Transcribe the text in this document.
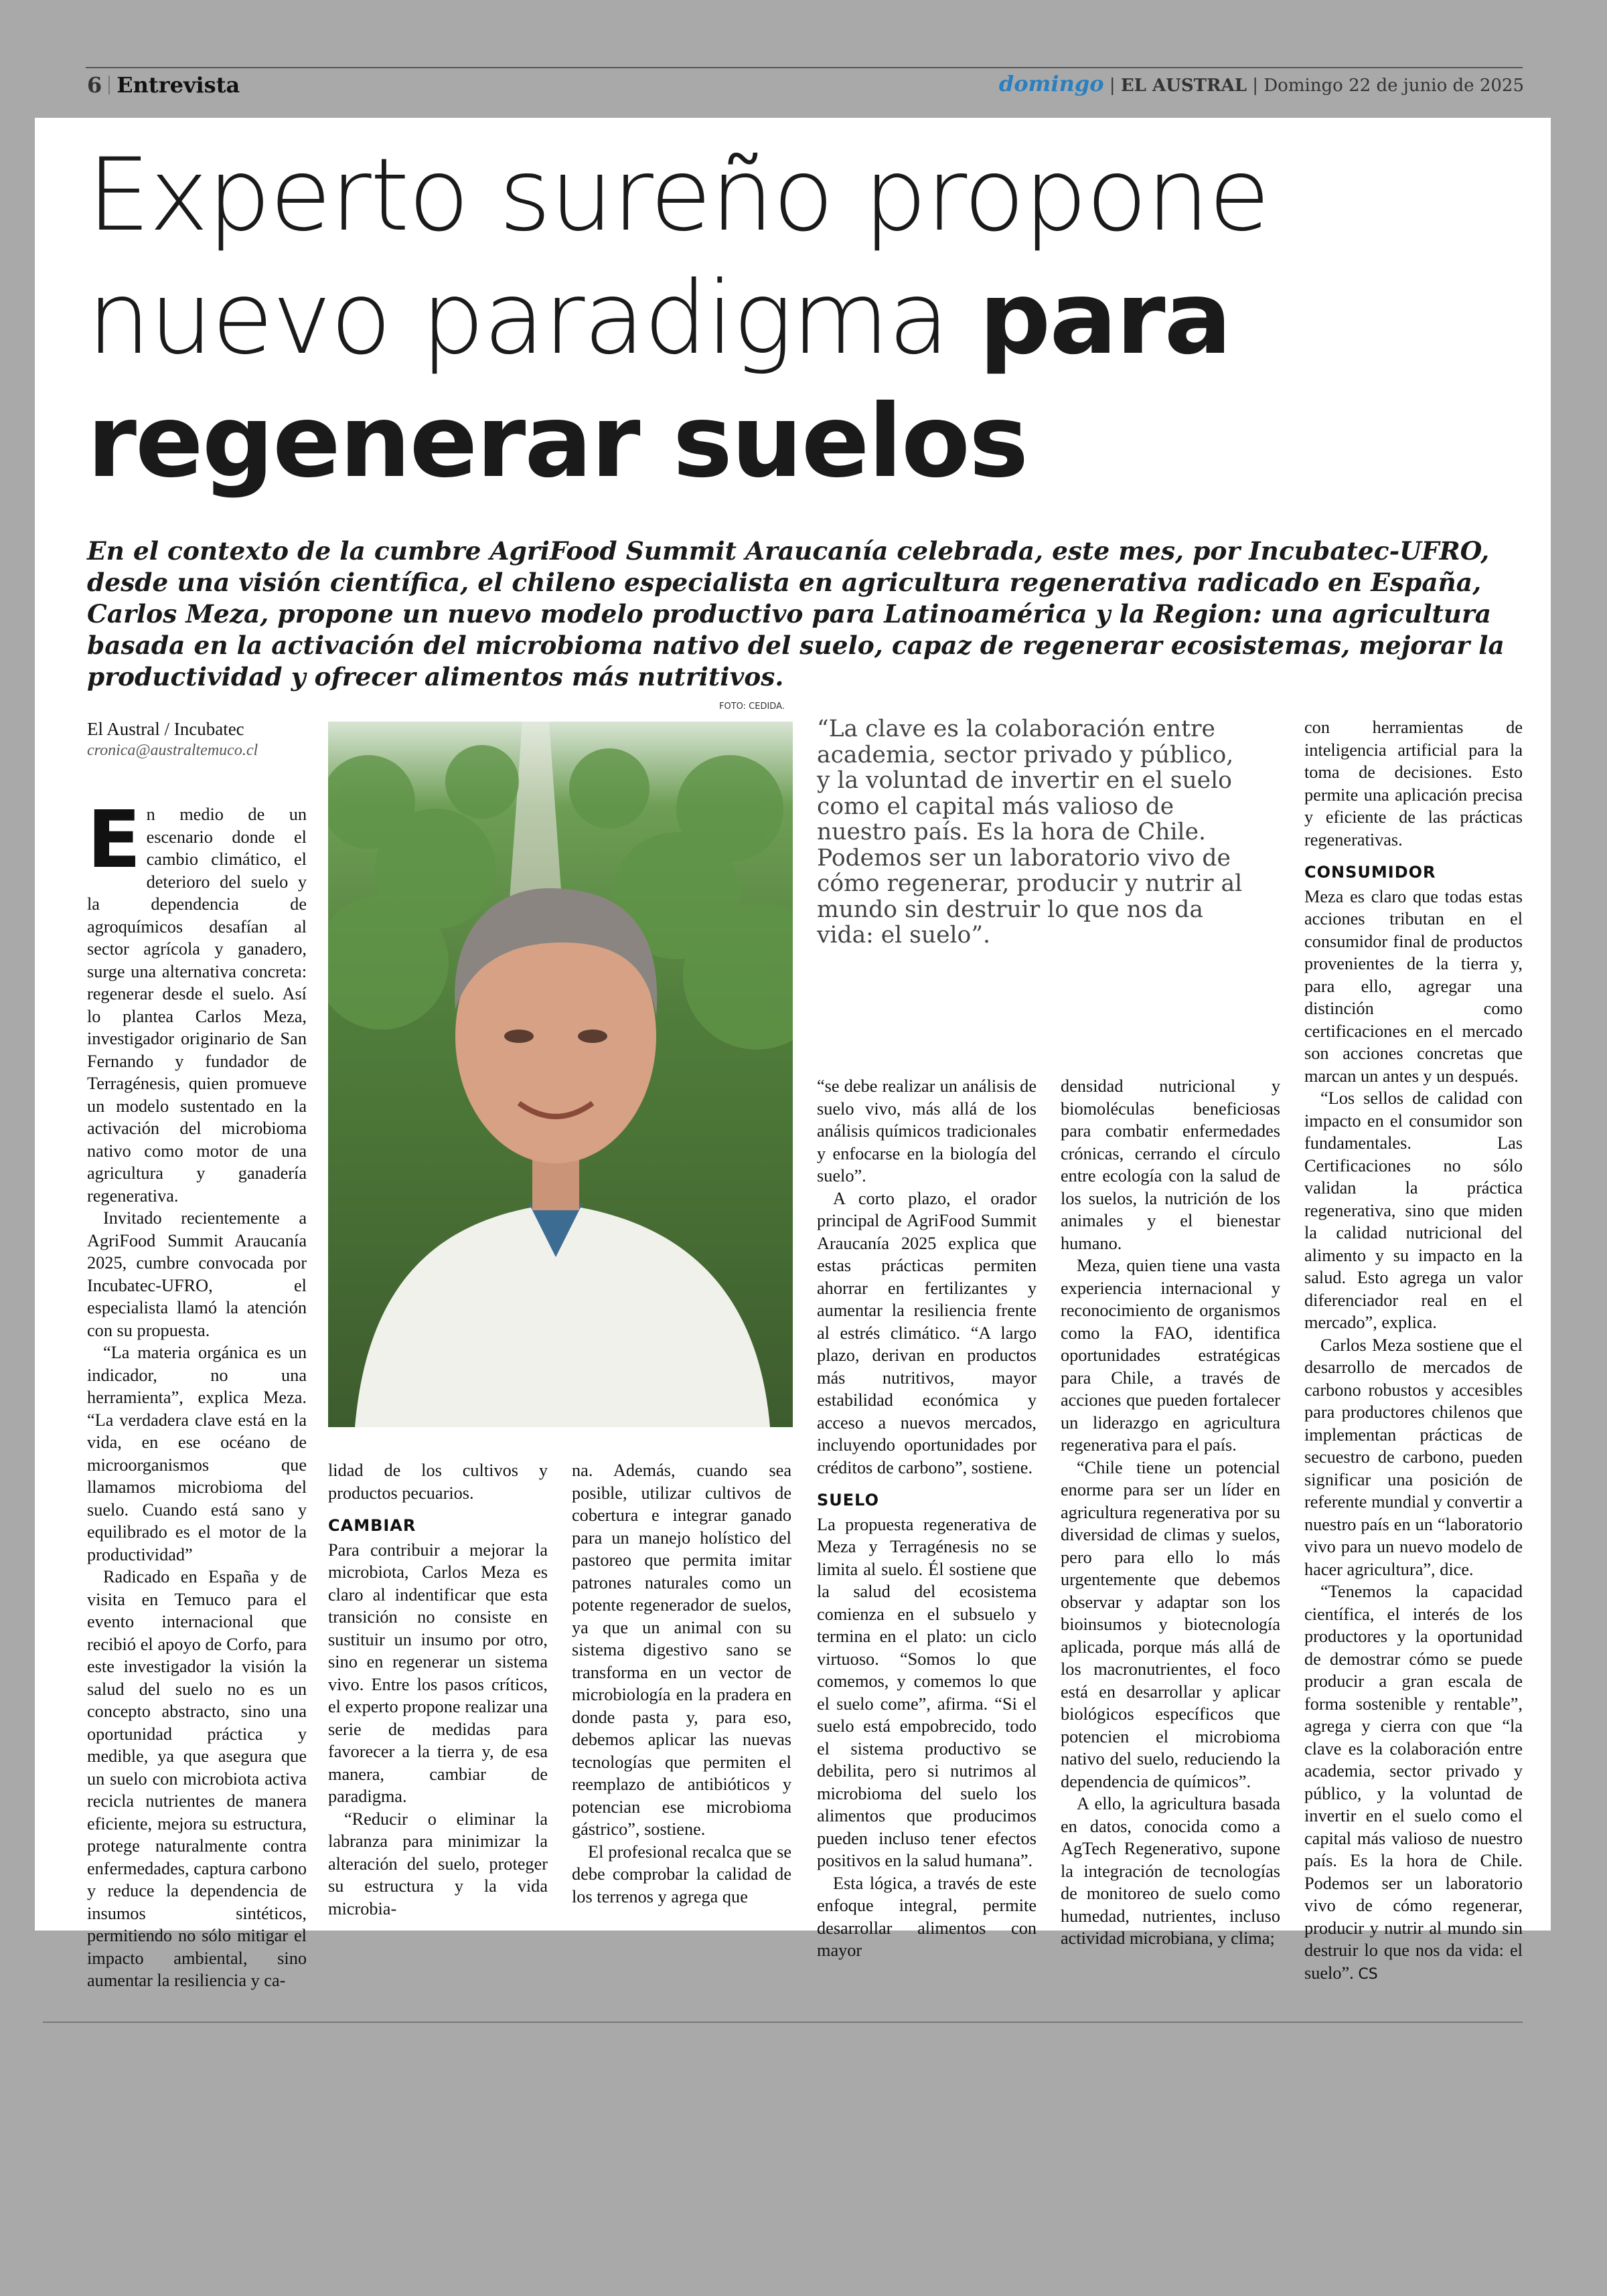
6 Entrevista	domingo | EL AUSTRAL | Domingo 22 de junio de 2025
Experto sureño propone nuevo paradigma para regenerar suelos

En el contexto de la cumbre AgriFood Summit Araucanía celebrada, este mes, por Incubatec-UFRO, desde una visión científica, el chileno especialista en agricultura regenerativa radicado en España, Carlos Meza, propone un nuevo modelo productivo para Latinoamérica y la Region: una agricultura basada en la activación del microbioma nativo del suelo, capaz de regenerar ecosistemas, mejorar la productividad y ofrecer alimentos más nutritivos.

El Austral / Incubatec
cronica@australtemuco.cl

En medio de un escenario donde el cambio climático, el deterioro del suelo y la dependencia de agroquímicos desafían al sector agrícola y ganadero, surge una alternativa concreta: regenerar desde el suelo. Así lo plantea Carlos Meza, investigador originario de San Fernando y fundador de Terragénesis, quien promueve un modelo sustentado en la activación del microbioma nativo como motor de una agricultura y ganadería regenerativa.

Invitado recientemente a AgriFood Summit Araucanía 2025, cumbre convocada por Incubatec-UFRO, el especialista llamó la atención con su propuesta.

“La materia orgánica es un indicador, no una herramienta”, explica Meza. “La verdadera clave está en la vida, en ese océano de microorganismos que llamamos microbioma del suelo. Cuando está sano y equilibrado es el motor de la productividad”

Radicado en España y de visita en Temuco para el evento internacional que recibió el apoyo de Corfo, para este investigador la visión la salud del suelo no es un concepto abstracto, sino una oportunidad práctica y medible, ya que asegura que un suelo con microbiota activa recicla nutrientes de manera eficiente, mejora su estructura, protege naturalmente contra enfermedades, captura carbono y reduce la dependencia de insumos sintéticos, permitiendo no sólo mitigar el impacto ambiental, sino aumentar la resiliencia y ca-

FOTO: CEDIDA.

“La clave es la colaboración entre academia, sector privado y público, y la voluntad de invertir en el suelo como el capital más valioso de nuestro país. Es la hora de Chile. Podemos ser un laboratorio vivo de cómo regenerar, producir y nutrir al mundo sin destruir lo que nos da vida: el suelo”.

lidad de los cultivos y productos pecuarios.

CAMBIAR

Para contribuir a mejorar la microbiota, Carlos Meza es claro al indentificar que esta transición no consiste en sustituir un insumo por otro, sino en regenerar un sistema vivo. Entre los pasos críticos, el experto propone realizar una serie de medidas para favorecer a la tierra y, de esa manera, cambiar de paradigma.

“Reducir o eliminar la labranza para minimizar la alteración del suelo, proteger su estructura y la vida microbia-

na. Además, cuando sea posible, utilizar cultivos de cobertura e integrar ganado para un manejo holístico del pastoreo que permita imitar patrones naturales como un potente regenerador de suelos, ya que un animal con su sistema digestivo sano se transforma en un vector de microbiología en la pradera en donde pasta y, para eso, debemos aplicar las nuevas tecnologías que permiten el reemplazo de antibióticos y potencian ese microbioma gástrico”, sostiene.

El profesional recalca que se debe comprobar la calidad de los terrenos y agrega que

“se debe realizar un análisis de suelo vivo, más allá de los análisis químicos tradicionales y enfocarse en la biología del suelo”.

A corto plazo, el orador principal de AgriFood Summit Araucanía 2025 explica que estas prácticas permiten ahorrar en fertilizantes y aumentar la resiliencia frente al estrés climático. “A largo plazo, derivan en productos más nutritivos, mayor estabilidad económica y acceso a nuevos mercados, incluyendo oportunidades por créditos de carbono”, sostiene.

SUELO

La propuesta regenerativa de Meza y Terragénesis no se limita al suelo. Él sostiene que la salud del ecosistema comienza en el subsuelo y termina en el plato: un ciclo virtuoso. “Somos lo que comemos, y comemos lo que el suelo come”, afirma. “Si el suelo está empobrecido, todo el sistema productivo se debilita, pero si nutrimos al microbioma del suelo los alimentos que producimos pueden incluso tener efectos positivos en la salud humana”.

Esta lógica, a través de este enfoque integral, permite desarrollar alimentos con mayor

densidad nutricional y biomoléculas beneficiosas para combatir enfermedades crónicas, cerrando el círculo entre ecología con la salud de los suelos, la nutrición de los animales y el bienestar humano.

Meza, quien tiene una vasta experiencia internacional y reconocimiento de organismos como la FAO, identifica oportunidades estratégicas para Chile, a través de acciones que pueden fortalecer un liderazgo en agricultura regenerativa para el país.

“Chile tiene un potencial enorme para ser un líder en agricultura regenerativa por su diversidad de climas y suelos, pero para ello lo más urgentemente que debemos observar y adaptar son los bioinsumos y biotecnología aplicada, porque más allá de los macronutrientes, el foco está en desarrollar y aplicar biológicos específicos que potencien el microbioma nativo del suelo, reduciendo la dependencia de químicos”.

A ello, la agricultura basada en datos, conocida como a AgTech Regenerativo, supone la integración de tecnologías de monitoreo de suelo como humedad, nutrientes, incluso actividad microbiana, y clima;

con herramientas de inteligencia artificial para la toma de decisiones. Esto permite una aplicación precisa y eficiente de las prácticas regenerativas.

CONSUMIDOR

Meza es claro que todas estas acciones tributan en el consumidor final de productos provenientes de la tierra y, para ello, agregar una distinción como certificaciones en el mercado son acciones concretas que marcan un antes y un después.

“Los sellos de calidad con impacto en el consumidor son fundamentales. Las Certificaciones no sólo validan la práctica regenerativa, sino que miden la calidad nutricional del alimento y su impacto en la salud. Esto agrega un valor diferenciador real en el mercado”, explica.

Carlos Meza sostiene que el desarrollo de mercados de carbono robustos y accesibles para productores chilenos que implementan prácticas de secuestro de carbono, pueden significar una posición de referente mundial y convertir a nuestro país en un “laboratorio vivo para un nuevo modelo de hacer agricultura”, dice.

“Tenemos la capacidad científica, el interés de los productores y la oportunidad de demostrar cómo se puede producir a gran escala de forma sostenible y rentable”, agrega y cierra con que “la clave es la colaboración entre academia, sector privado y público, y la voluntad de invertir en el suelo como el capital más valioso de nuestro país. Es la hora de Chile. Podemos ser un laboratorio vivo de cómo regenerar, producir y nutrir al mundo sin destruir lo que nos da vida: el suelo”. CS
